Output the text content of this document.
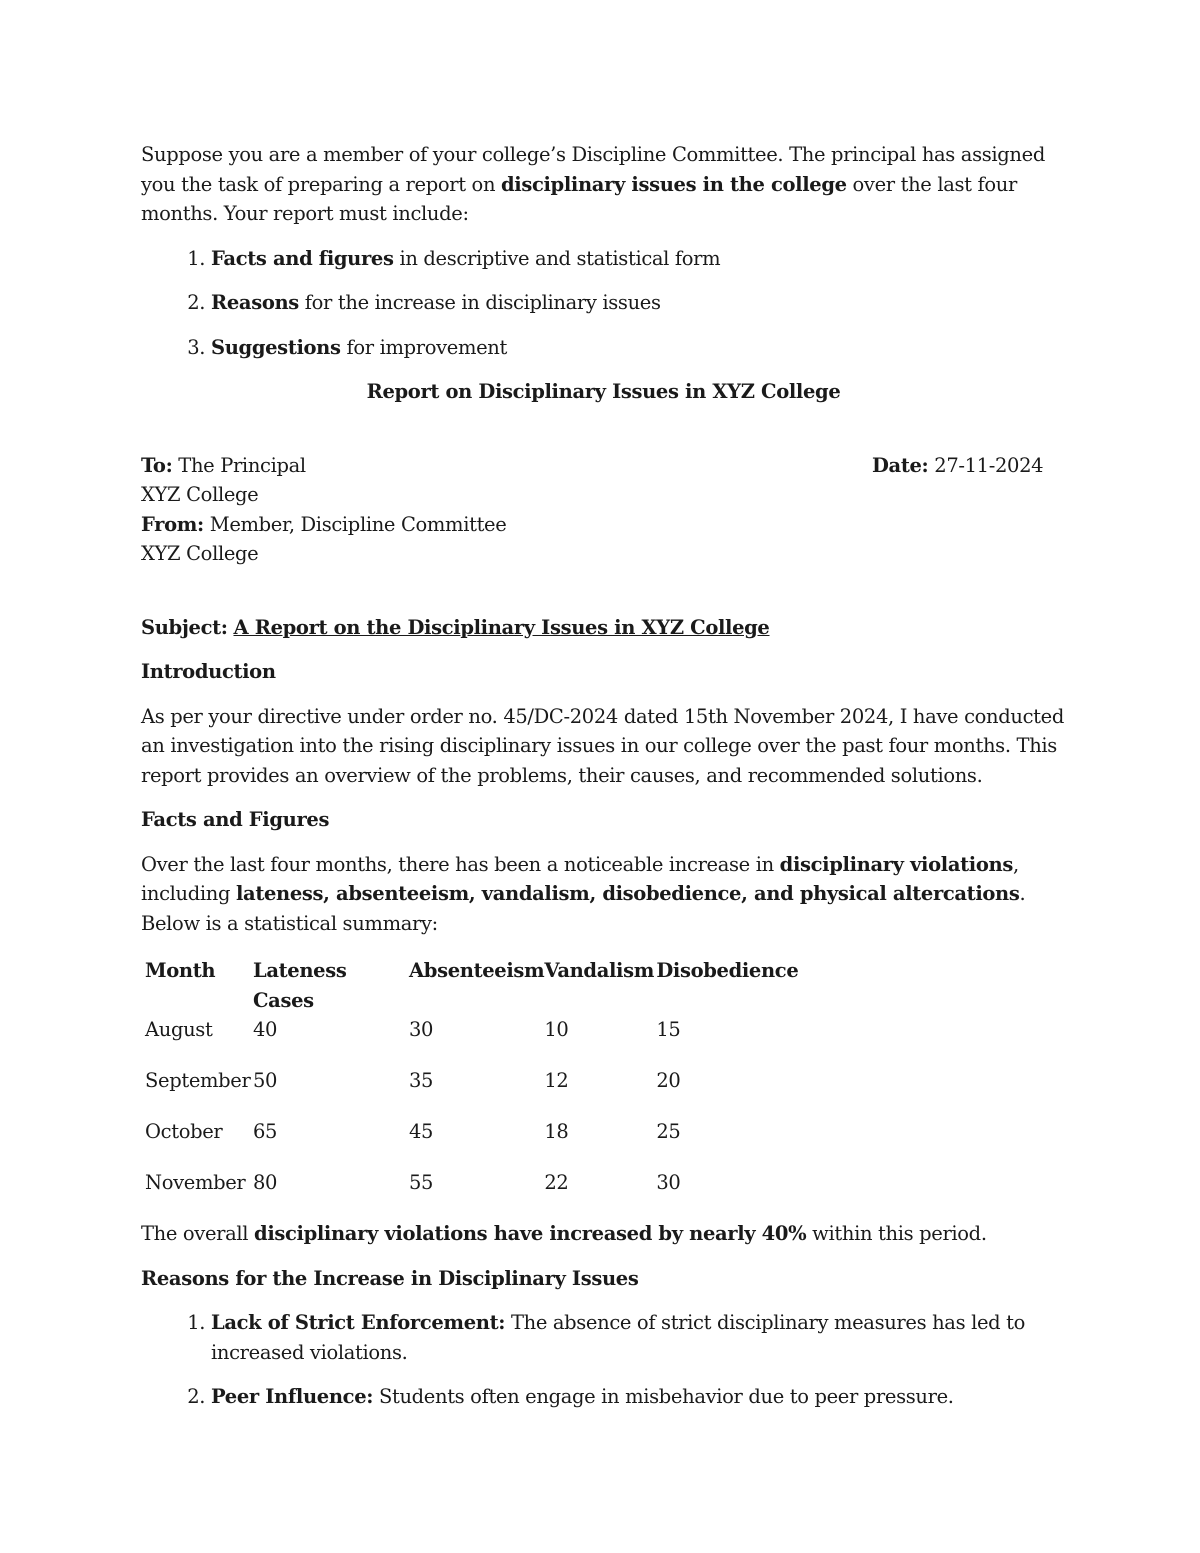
Suppose you are a member of your college’s Discipline Committee. The principal has assigned you the task of preparing a report on disciplinary issues in the college over the last four months. Your report must include:

1. Facts and figures in descriptive and statistical form
2. Reasons for the increase in disciplinary issues
3. Suggestions for improvement

Report on Disciplinary Issues in XYZ College

To: The Principal

XYZ College

From: Member, Discipline Committee

XYZ College

Date: 27-11-2024

Subject: A Report on the Disciplinary Issues in XYZ College

Introduction

As per your directive under order no. 45/DC-2024 dated 15th November 2024, I have conducted an investigation into the rising disciplinary issues in our college over the past four months. This report provides an overview of the problems, their causes, and recommended solutions.

Facts and Figures

Over the last four months, there has been a noticeable increase in disciplinary violations, including lateness, absenteeism, vandalism, disobedience, and physical altercations. Below is a statistical summary:

Month	Lateness Cases	Absenteeism	Vandalism	Disobedience
August	40	30	10	15
September	50	35	12	20
October	65	45	18	25
November	80	55	22	30

The overall disciplinary violations have increased by nearly 40% within this period.

Reasons for the Increase in Disciplinary Issues

1. Lack of Strict Enforcement: The absence of strict disciplinary measures has led to increased violations.
2. Peer Influence: Students often engage in misbehavior due to peer pressure.
